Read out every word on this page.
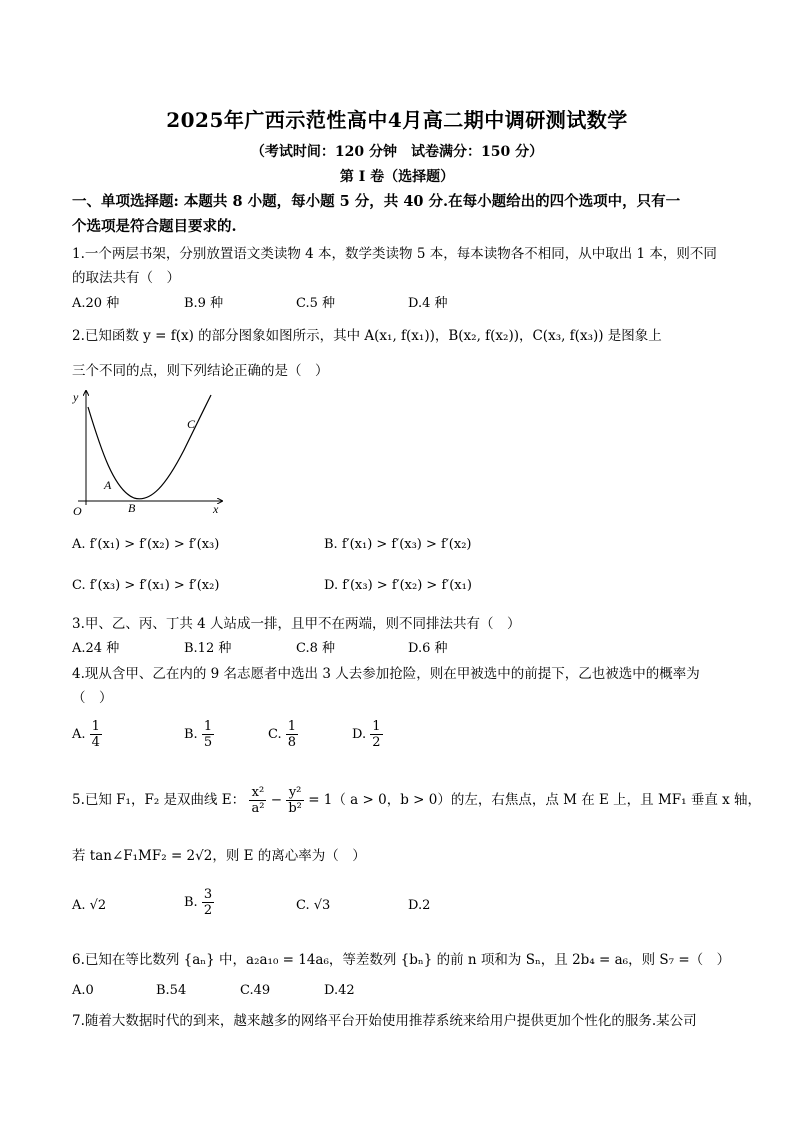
2025年广西示范性高中4月高二期中调研测试数学
（考试时间：120 分钟　试卷满分：150 分）
第 I 卷（选择题）
一、单项选择题: 本题共 8 小题，每小题 5 分，共 40 分.在每小题给出的四个选项中，只有一
个选项是符合题目要求的.
1.一个两层书架，分别放置语文类读物 4 本，数学类读物 5 本，每本读物各不相同，从中取出 1 本，则不同
的取法共有（　）
A.20 种	B.9 种	C.5 种	D.4 种
2.已知函数 y = f(x) 的部分图象如图所示，其中 A(x₁, f(x₁))，B(x₂, f(x₂))，C(x₃, f(x₃)) 是图象上
三个不同的点，则下列结论正确的是（　）
y
x
O
A
B
C
A. f′(x₁) > f′(x₂) > f′(x₃)	B. f′(x₁) > f′(x₃) > f′(x₂)
C. f′(x₃) > f′(x₁) > f′(x₂)	D. f′(x₃) > f′(x₂) > f′(x₁)
3.甲、乙、丙、丁共 4 人站成一排，且甲不在两端，则不同排法共有（　）
A.24 种	B.12 种	C.8 种	D.6 种
4.现从含甲、乙在内的 9 名志愿者中选出 3 人去参加抢险，则在甲被选中的前提下，乙也被选中的概率为
（　）
A. $\frac{1}{4}$	B. $\frac{1}{5}$	C. $\frac{1}{8}$	D. $\frac{1}{2}$
5.已知 F₁，F₂ 是双曲线 E： $\frac{\text{x²}}{\text{a²}} - \frac{\text{y²}}{\text{b²}} = 1$（ a > 0，b > 0）的左，右焦点，点 M 在 E 上，且 MF₁ 垂直 x 轴，
若 tan∠F₁MF₂ = 2√2，则 E 的离心率为（　）
A. √2	B. $\frac{3}{2}$	C. √3	D.2
6.已知在等比数列 {aₙ} 中，a₂a₁₀ = 14a₆，等差数列 {bₙ} 的前 n 项和为 Sₙ，且 2b₄ = a₆，则 S₇ =（　）
A.0	B.54	C.49	D.42
7.随着大数据时代的到来，越来越多的网络平台开始使用推荐系统来给用户提供更加个性化的服务.某公司
